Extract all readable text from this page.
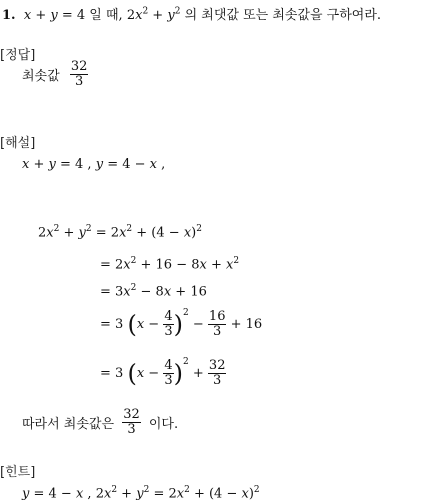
1. x + y = 4 일 때, $2x^2 + y^2$ 의 최댓값 또는 최솟값을 구하여라.
[정답]
최솟값 $\frac{32}{3}$
[해설]
x + y = 4 , y = 4 − x ,
$2x^2 + y^2 = 2x^2 + (4 - x)^2$
= $2x^2 + 16 - 8x + x^2$
= $3x^2 - 8x + 16$
= 3 $(x - \frac{4}{3} )^2 - \frac{16}{3} + 16$
= 3 $(x - \frac{4}{3} )^2 + \frac{32}{3}$
따라서 최솟값은 $\frac{32}{3}$ 이다.
[힌트]
y = 4 − x , $2x^2 + y^2 = 2x^2 + (4 - x)^2$
